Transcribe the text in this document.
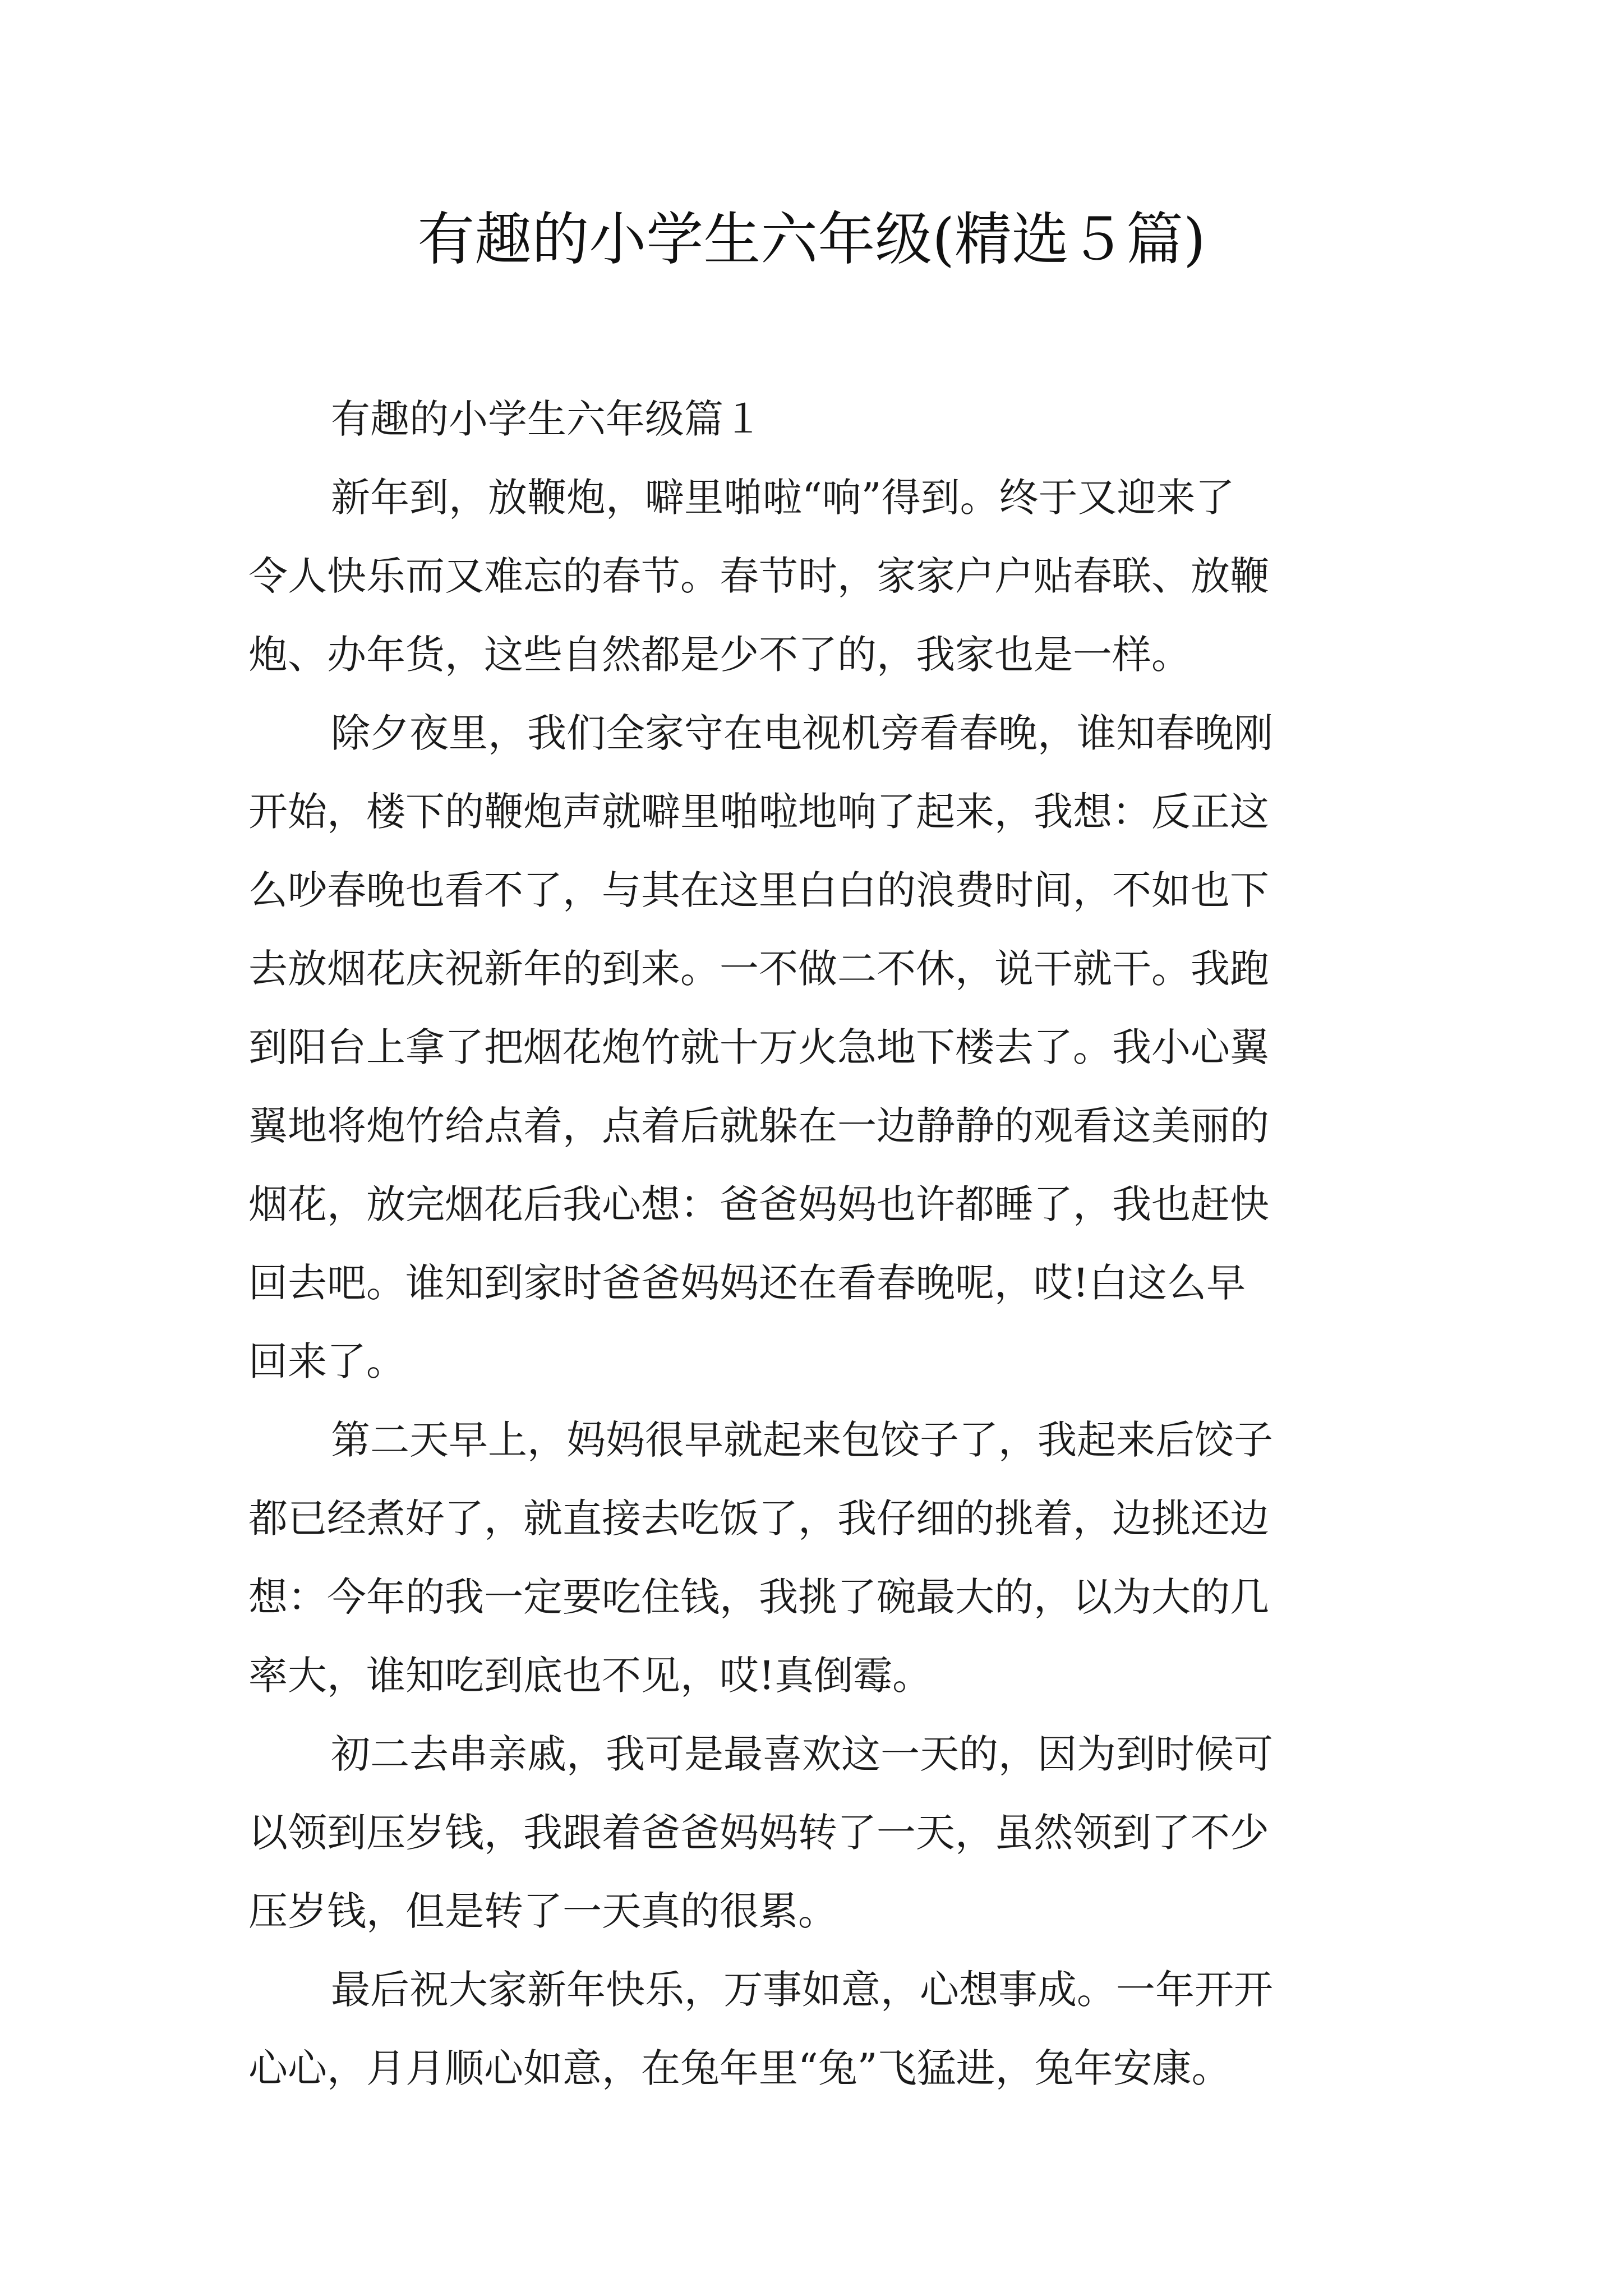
有趣的小学生六年级(精选５篇)
有趣的小学生六年级篇１
新年到，放鞭炮，噼里啪啦“响”得到。终于又迎来了
令人快乐而又难忘的春节。春节时，家家户户贴春联、放鞭
炮、办年货，这些自然都是少不了的，我家也是一样。
除夕夜里，我们全家守在电视机旁看春晚，谁知春晚刚
开始，楼下的鞭炮声就噼里啪啦地响了起来，我想：反正这
么吵春晚也看不了，与其在这里白白的浪费时间，不如也下
去放烟花庆祝新年的到来。一不做二不休，说干就干。我跑
到阳台上拿了把烟花炮竹就十万火急地下楼去了。我小心翼
翼地将炮竹给点着，点着后就躲在一边静静的观看这美丽的
烟花，放完烟花后我心想：爸爸妈妈也许都睡了，我也赶快
回去吧。谁知到家时爸爸妈妈还在看春晚呢，哎!白这么早
回来了。
第二天早上，妈妈很早就起来包饺子了，我起来后饺子
都已经煮好了，就直接去吃饭了，我仔细的挑着，边挑还边
想：今年的我一定要吃住钱，我挑了碗最大的，以为大的几
率大，谁知吃到底也不见，哎!真倒霉。
初二去串亲戚，我可是最喜欢这一天的，因为到时候可
以领到压岁钱，我跟着爸爸妈妈转了一天，虽然领到了不少
压岁钱，但是转了一天真的很累。
最后祝大家新年快乐，万事如意，心想事成。一年开开
心心，月月顺心如意，在兔年里“兔”飞猛进，兔年安康。
